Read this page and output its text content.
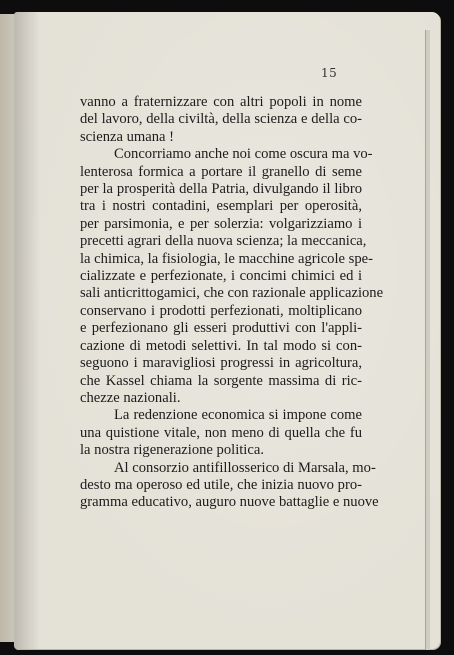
15
vanno a fraternizzare con altri popoli in nome
del lavoro, della civiltà, della scienza e della co-
scienza umana !
Concorriamo anche noi come oscura ma vo-
lenterosa formica a portare il granello di seme
per la prosperità della Patria, divulgando il libro
tra i nostri contadini, esemplari per operosità,
per parsimonia, e per solerzia: volgarizziamo i
precetti agrari della nuova scienza; la meccanica,
la chimica, la fisiologia, le macchine agricole spe-
cializzate e perfezionate, i concimi chimici ed i
sali anticrittogamici, che con razionale applicazione
conservano i prodotti perfezionati, moltiplicano
e perfezionano gli esseri produttivi con l'appli-
cazione di metodi selettivi. In tal modo si con-
seguono i maravigliosi progressi in agricoltura,
che Kassel chiama la sorgente massima di ric-
chezze nazionali.
La redenzione economica si impone come
una quistione vitale, non meno di quella che fu
la nostra rigenerazione politica.
Al consorzio antifillosserico di Marsala, mo-
desto ma operoso ed utile, che inizia nuovo pro-
gramma educativo, auguro nuove battaglie e nuove
